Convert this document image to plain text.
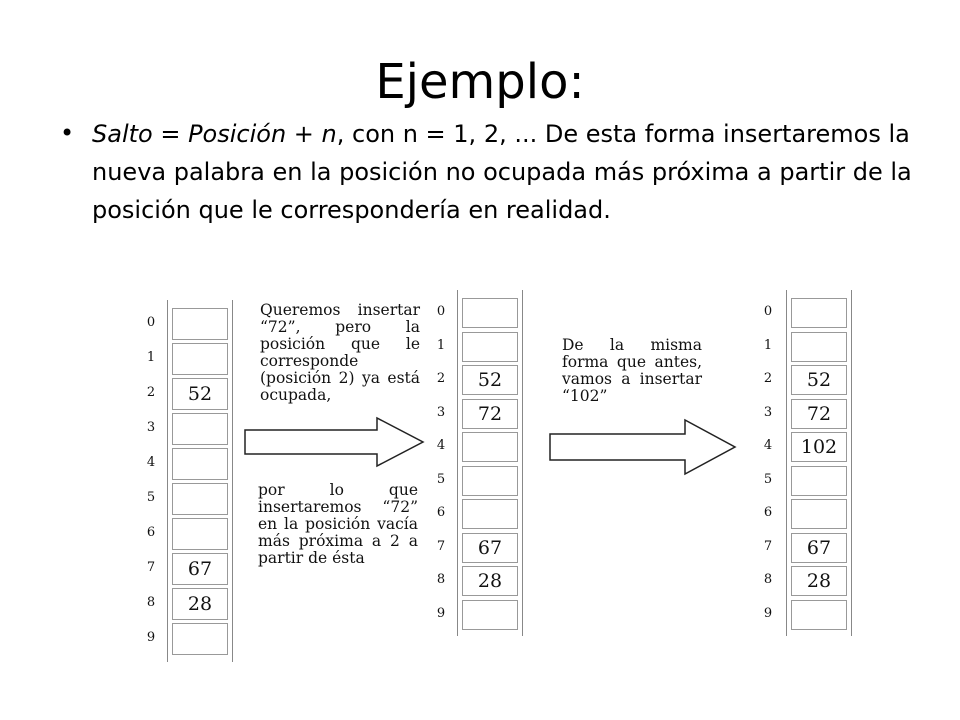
Ejemplo:
• Salto = Posición + n, con n = 1, 2, ... De esta forma insertaremos la nueva palabra en la posición no ocupada más próxima a partir de la posición que le correspondería en realidad.
52
67
28
0
1
2
3
4
5
6
7
8
9
52
72
67
28
0
1
2
3
4
5
6
7
8
9
52
72
102
67
28
0
1
2
3
4
5
6
7
8
9
Queremos insertar “72”, pero la posición que le corresponde (posición 2) ya está ocupada,
por lo que insertaremos “72” en la posición vacía más próxima a 2 a partir de ésta
De la misma forma que antes, vamos a insertar “102”
